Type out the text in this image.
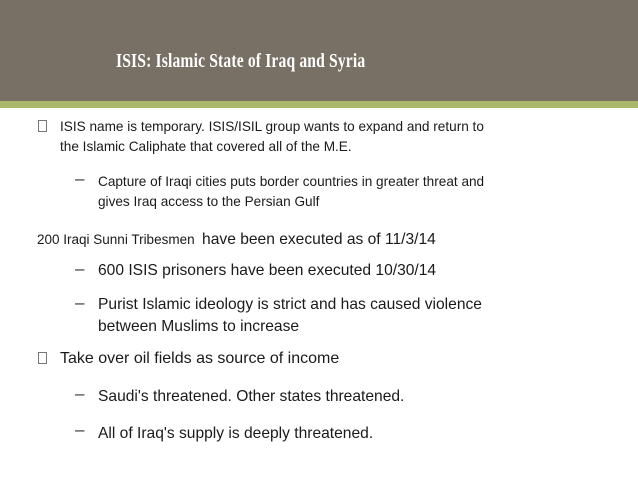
ISIS: Islamic State of Iraq and Syria
ISIS name is temporary. ISIS/ISIL group wants to expand and return to
the Islamic Caliphate that covered all of the M.E.
– Capture of Iraqi cities puts border countries in greater threat and
gives Iraq access to the Persian Gulf
200 Iraqi Sunni Tribesmen have been executed as of 11/3/14
– 600 ISIS prisoners have been executed 10/30/14
– Purist Islamic ideology is strict and has caused violence
between Muslims to increase
Take over oil fields as source of income
– Saudi's threatened. Other states threatened.
– All of Iraq's supply is deeply threatened.
